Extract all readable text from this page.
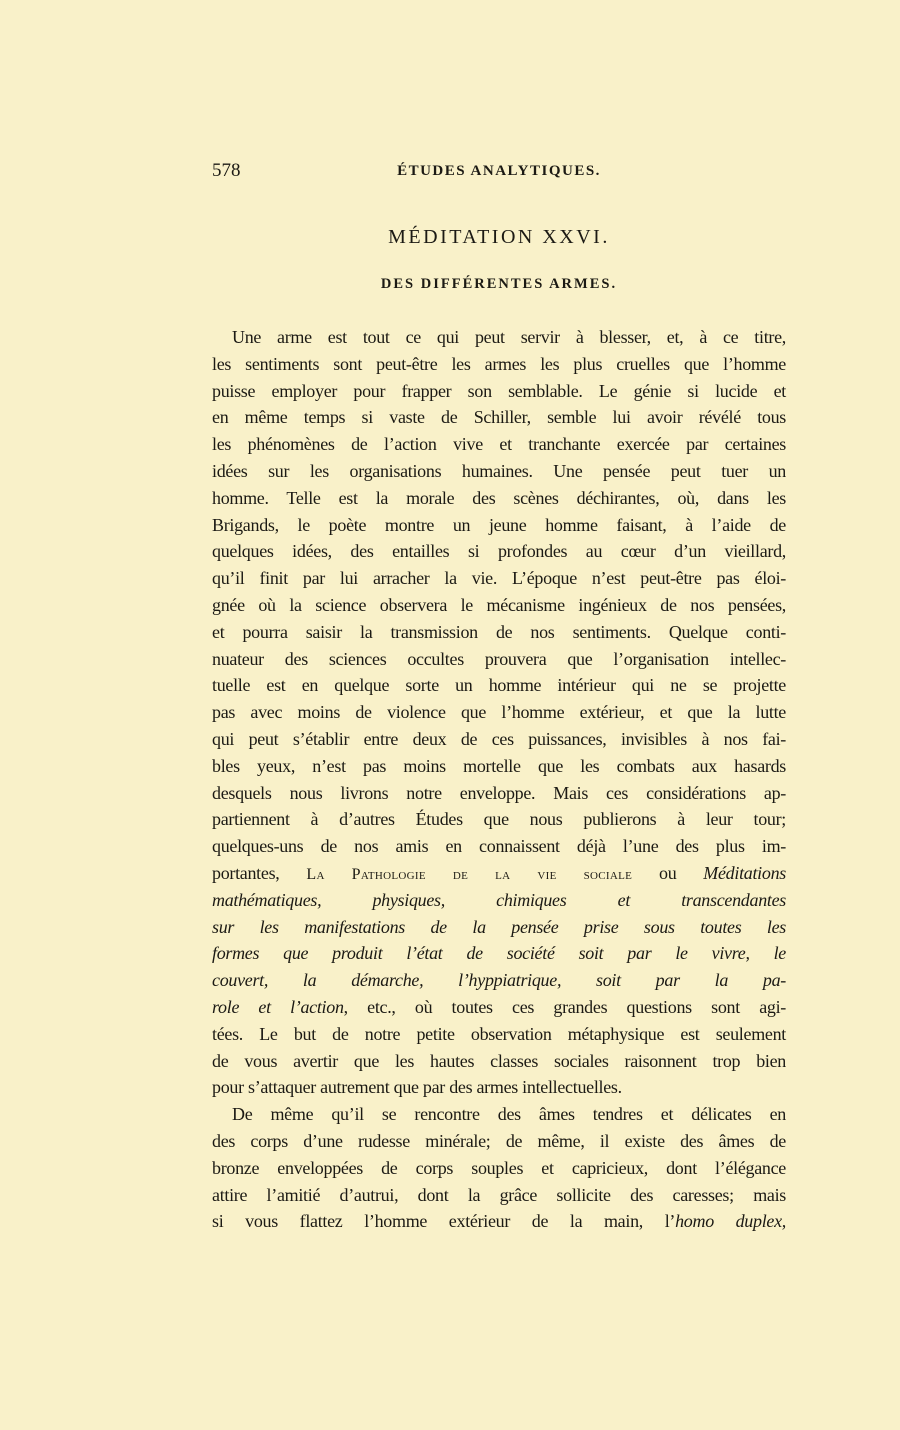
578	ÉTUDES ANALYTIQUES.
MÉDITATION XXVI.
DES DIFFÉRENTES ARMES.
Une arme est tout ce qui peut servir à blesser, et, à ce titre,
les sentiments sont peut-être les armes les plus cruelles que l’homme
puisse employer pour frapper son semblable. Le génie si lucide et
en même temps si vaste de Schiller, semble lui avoir révélé tous
les phénomènes de l’action vive et tranchante exercée par certaines
idées sur les organisations humaines. Une pensée peut tuer un
homme. Telle est la morale des scènes déchirantes, où, dans les
Brigands, le poète montre un jeune homme faisant, à l’aide de
quelques idées, des entailles si profondes au cœur d’un vieillard,
qu’il finit par lui arracher la vie. L’époque n’est peut-être pas éloi-
gnée où la science observera le mécanisme ingénieux de nos pensées,
et pourra saisir la transmission de nos sentiments. Quelque conti-
nuateur des sciences occultes prouvera que l’organisation intellec-
tuelle est en quelque sorte un homme intérieur qui ne se projette
pas avec moins de violence que l’homme extérieur, et que la lutte
qui peut s’établir entre deux de ces puissances, invisibles à nos fai-
bles yeux, n’est pas moins mortelle que les combats aux hasards
desquels nous livrons notre enveloppe. Mais ces considérations ap-
partiennent à d’autres Études que nous publierons à leur tour;
quelques-uns de nos amis en connaissent déjà l’une des plus im-
portantes, La Pathologie de la vie sociale ou Méditations
mathématiques, physiques, chimiques et transcendantes
sur les manifestations de la pensée prise sous toutes les
formes que produit l’état de société soit par le vivre, le
couvert, la démarche, l’hyppiatrique, soit par la pa-
role et l’action, etc., où toutes ces grandes questions sont agi-
tées. Le but de notre petite observation métaphysique est seulement
de vous avertir que les hautes classes sociales raisonnent trop bien
pour s’attaquer autrement que par des armes intellectuelles.
De même qu’il se rencontre des âmes tendres et délicates en
des corps d’une rudesse minérale; de même, il existe des âmes de
bronze enveloppées de corps souples et capricieux, dont l’élégance
attire l’amitié d’autrui, dont la grâce sollicite des caresses; mais
si vous flattez l’homme extérieur de la main, l’homo duplex,
